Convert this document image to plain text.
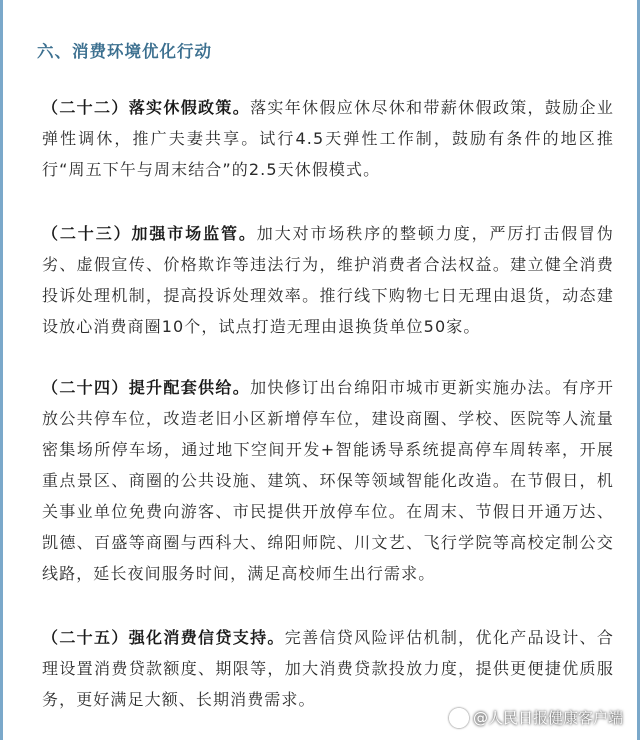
六、消费环境优化行动

（二十二）落实休假政策。落实年休假应休尽休和带薪休假政策，鼓励企业弹性调休，推广夫妻共享。试行4.5天弹性工作制，鼓励有条件的地区推行“周五下午与周末结合”的2.5天休假模式。

（二十三）加强市场监管。加大对市场秩序的整顿力度，严厉打击假冒伪劣、虚假宣传、价格欺诈等违法行为，维护消费者合法权益。建立健全消费投诉处理机制，提高投诉处理效率。推行线下购物七日无理由退货，动态建设放心消费商圈10个，试点打造无理由退换货单位50家。

（二十四）提升配套供给。加快修订出台绵阳市城市更新实施办法。有序开放公共停车位，改造老旧小区新增停车位，建设商圈、学校、医院等人流量密集场所停车场，通过地下空间开发+智能诱导系统提高停车周转率，开展重点景区、商圈的公共设施、建筑、环保等领域智能化改造。在节假日，机关事业单位免费向游客、市民提供开放停车位。在周末、节假日开通万达、凯德、百盛等商圈与西科大、绵阳师院、川文艺、飞行学院等高校定制公交线路，延长夜间服务时间，满足高校师生出行需求。

（二十五）强化消费信贷支持。完善信贷风险评估机制，优化产品设计、合理设置消费贷款额度、期限等，加大消费贷款投放力度，提供更便捷优质服务，更好满足大额、长期消费需求。

@人民日报健康客户端
